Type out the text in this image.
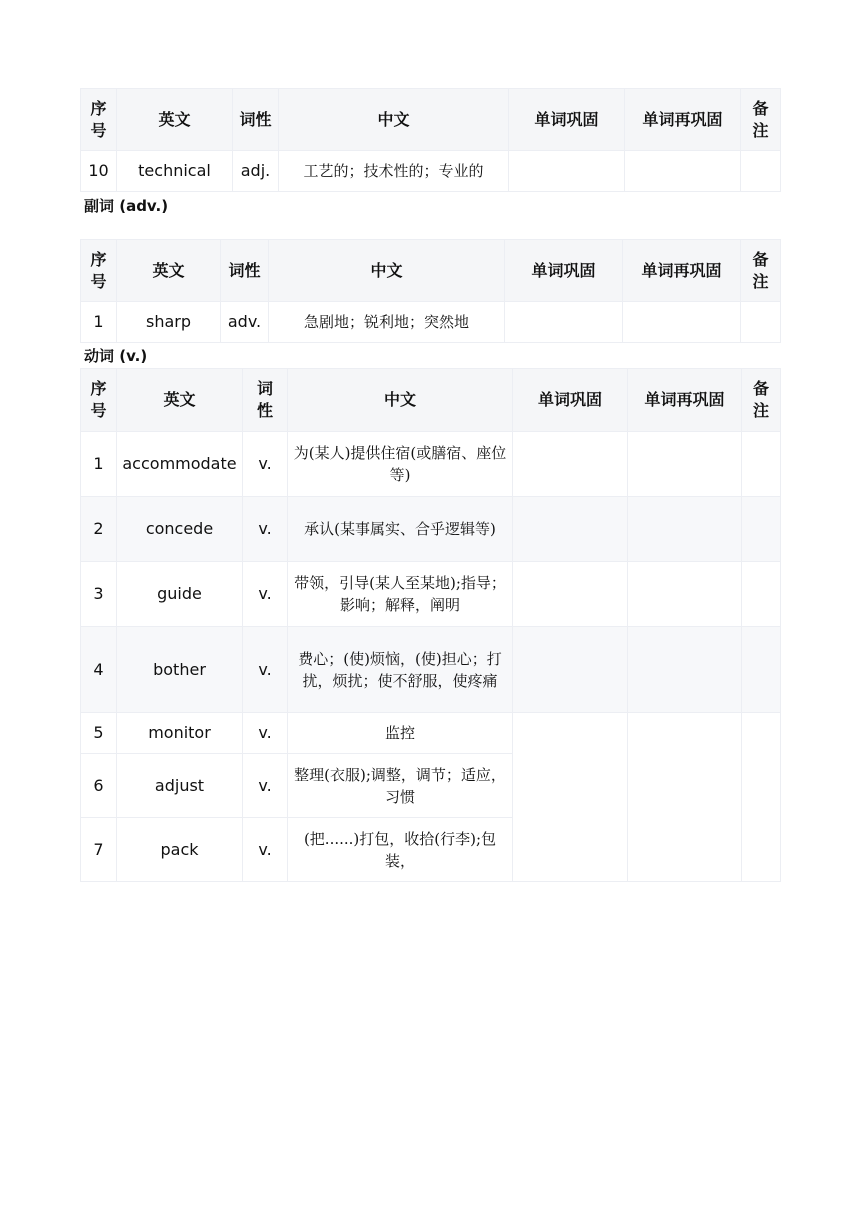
序号	英文	词性	中文	单词巩固	单词再巩固	备注
10	technical	adj.	工艺的；技术性的；专业的			
副词 (adv.)
序号	英文	词性	中文	单词巩固	单词再巩固	备注
1	sharp	adv.	急剧地；锐利地；突然地			
动词 (v.)
序号	英文	词性	中文	单词巩固	单词再巩固	备注
1	accommodate	v.	为(某人)提供住宿(或膳宿、座位等)			
2	concede	v.	承认(某事属实、合乎逻辑等)			
3	guide	v.	带领，引导(某人至某地);指导；影响；解释，阐明			
4	bother	v.	费心；(使)烦恼，(使)担心；打扰，烦扰；使不舒服，使疼痛			
5	monitor	v.	监控			
6	adjust	v.	整理(衣服);调整，调节；适应，习惯			
7	pack	v.	(把......)打包，收拾(行李);包装，			
